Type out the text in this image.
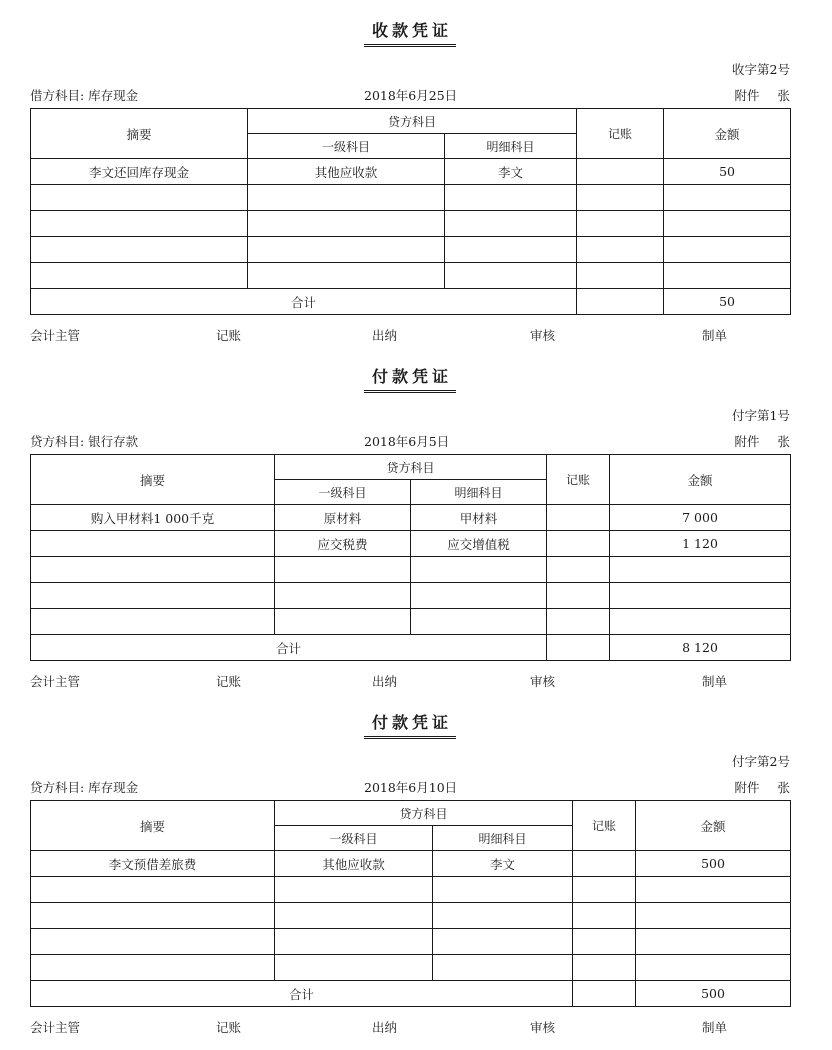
收款凭证
收字第2号
借方科目: 库存现金	2018年6月25日	附件 张
摘要	贷方科目		记账	金额
	一级科目	明细科目		
李文还回库存现金	其他应收款	李文		50

合计				50
会计主管	记账	出纳	审核	制单
付款凭证
付字第1号
贷方科目: 银行存款	2018年6月5日	附件 张
摘要	贷方科目		记账	金额
	一级科目	明细科目		
购入甲材料1 000千克	原材料	甲材料		7 000
	应交税费	应交增值税		1 120

合计				8 120
会计主管	记账	出纳	审核	制单
付款凭证
付字第2号
贷方科目: 库存现金	2018年6月10日	附件 张
摘要	贷方科目		记账	金额
	一级科目	明细科目		
李文预借差旅费	其他应收款	李文		500

合计				500
会计主管	记账	出纳	审核	制单
